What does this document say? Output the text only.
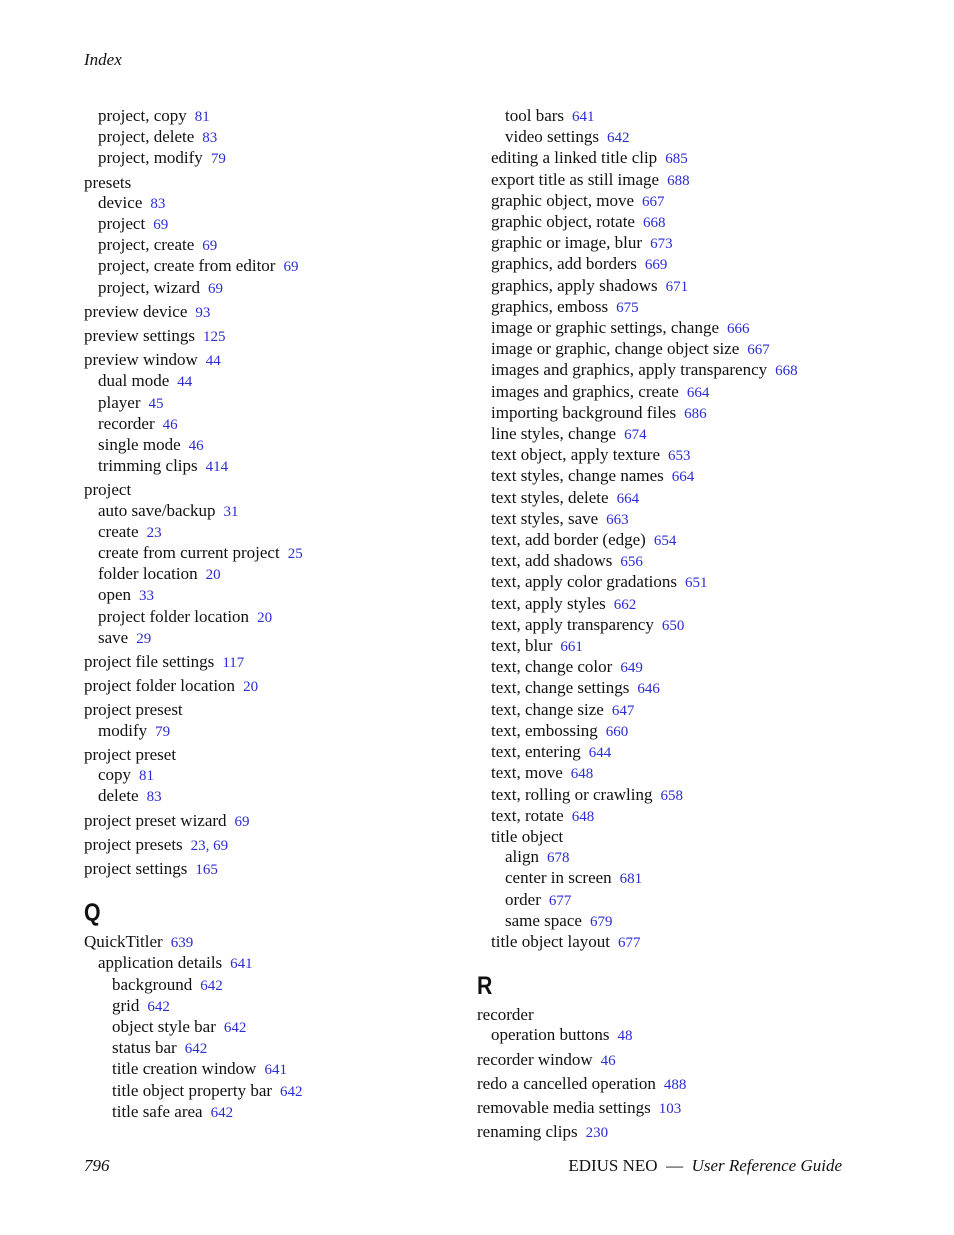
Index
project, copy 81
project, delete 83
project, modify 79
presets
device 83
project 69
project, create 69
project, create from editor 69
project, wizard 69
preview device 93
preview settings 125
preview window 44
dual mode 44
player 45
recorder 46
single mode 46
trimming clips 414
project
auto save/backup 31
create 23
create from current project 25
folder location 20
open 33
project folder location 20
save 29
project file settings 117
project folder location 20
project presest
modify 79
project preset
copy 81
delete 83
project preset wizard 69
project presets 23, 69
project settings 165
Q
QuickTitler 639
application details 641
background 642
grid 642
object style bar 642
status bar 642
title creation window 641
title object property bar 642
title safe area 642
tool bars 641
video settings 642
editing a linked title clip 685
export title as still image 688
graphic object, move 667
graphic object, rotate 668
graphic or image, blur 673
graphics, add borders 669
graphics, apply shadows 671
graphics, emboss 675
image or graphic settings, change 666
image or graphic, change object size 667
images and graphics, apply transparency 668
images and graphics, create 664
importing background files 686
line styles, change 674
text object, apply texture 653
text styles, change names 664
text styles, delete 664
text styles, save 663
text, add border (edge) 654
text, add shadows 656
text, apply color gradations 651
text, apply styles 662
text, apply transparency 650
text, blur 661
text, change color 649
text, change settings 646
text, change size 647
text, embossing 660
text, entering 644
text, move 648
text, rolling or crawling 658
text, rotate 648
title object
align 678
center in screen 681
order 677
same space 679
title object layout 677
R
recorder
operation buttons 48
recorder window 46
redo a cancelled operation 488
removable media settings 103
renaming clips 230
796	EDIUS NEO — User Reference Guide
